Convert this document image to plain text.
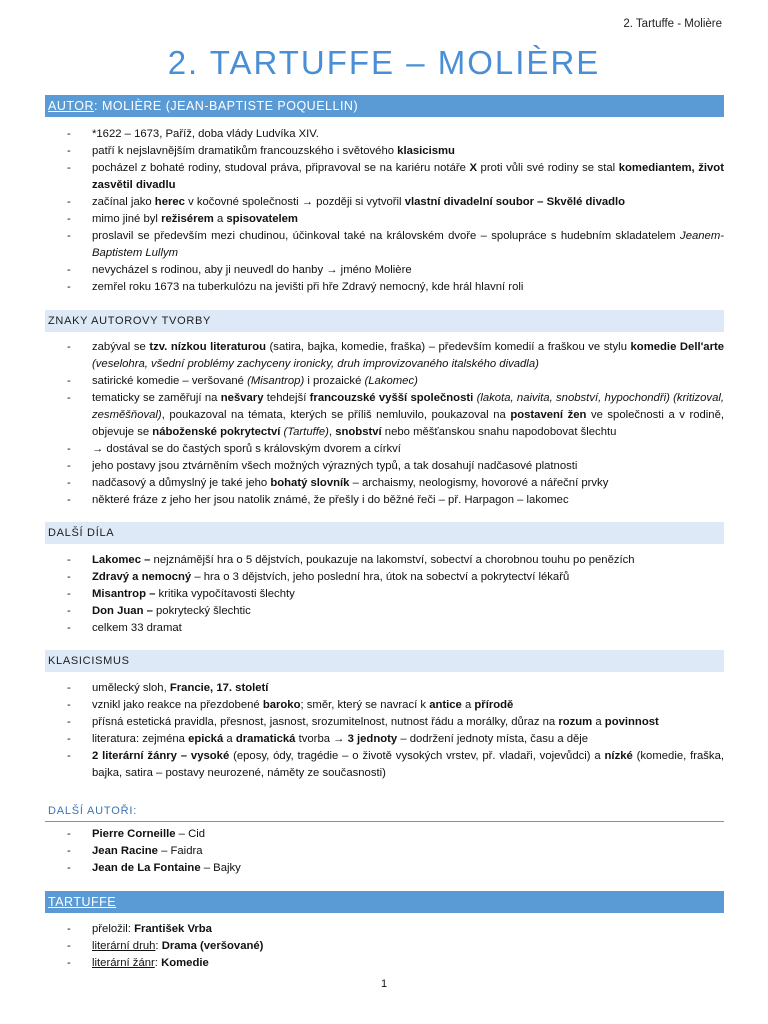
2. Tartuffe - Molière
2. TARTUFFE – MOLIÈRE
AUTOR: MOLIÈRE (JEAN-BAPTISTE POQUELLIN)
- *1622 – 1673, Paříž, doba vlády Ludvíka XIV.
- patří k nejslavnějším dramatikům francouzského i světového klasicismu
- pocházel z bohaté rodiny, studoval práva, připravoval se na kariéru notáře X proti vůli své rodiny se stal komediantem, život zasvětil divadlu
- začínal jako herec v kočovné společnosti → později si vytvořil vlastní divadelní soubor – Skvělé divadlo
- mimo jiné byl režisérem a spisovatelem
- proslavil se především mezi chudinou, účinkoval také na královském dvoře – spolupráce s hudebním skladatelem Jeanem-Baptistem Lullym
- nevycházel s rodinou, aby ji neuvedl do hanby → jméno Molière
- zemřel roku 1673 na tuberkulózu na jevišti při hře Zdravý nemocný, kde hrál hlavní roli
ZNAKY AUTOROVY TVORBY
- zabýval se tzv. nízkou literaturou (satira, bajka, komedie, fraška) – především komedií a fraškou ve stylu komedie Dell'arte (veselohra, všední problémy zachyceny ironicky, druh improvizovaného italského divadla)
- satirické komedie – veršované (Misantrop) i prozaické (Lakomec)
- tematicky se zaměřují na nešvary tehdejší francouzské vyšší společnosti (lakota, naivita, snobství, hypochondři) (kritizoval, zesměšňoval), poukazoval na témata, kterých se příliš nemluvilo, poukazoval na postavení žen ve společnosti a v rodině, objevuje se náboženské pokrytectví (Tartuffe), snobství nebo měšťanskou snahu napodobovat šlechtu
- → dostával se do častých sporů s královským dvorem a církví
- jeho postavy jsou ztvárněním všech možných výrazných typů, a tak dosahují nadčasové platnosti
- nadčasový a důmyslný je také jeho bohatý slovník – archaismy, neologismy, hovorové a nářeční prvky
- některé fráze z jeho her jsou natolik známé, že přešly i do běžné řeči – př. Harpagon – lakomec
DALŠÍ DÍLA
- Lakomec – nejznámější hra o 5 dějstvích, poukazuje na lakomství, sobectví a chorobnou touhu po penězích
- Zdravý a nemocný – hra o 3 dějstvích, jeho poslední hra, útok na sobectví a pokrytectví lékařů
- Misantrop – kritika vypočítavosti šlechty
- Don Juan – pokrytecký šlechtic
- celkem 33 dramat
KLASICISMUS
- umělecký sloh, Francie, 17. století
- vznikl jako reakce na přezdobené baroko; směr, který se navrací k antice a přírodě
- přísná estetická pravidla, přesnost, jasnost, srozumitelnost, nutnost řádu a morálky, důraz na rozum a povinnost
- literatura: zejména epická a dramatická tvorba → 3 jednoty – dodržení jednoty místa, času a děje
- 2 literární žánry – vysoké (eposy, ódy, tragédie – o životě vysokých vrstev, př. vladaři, vojevůdci) a nízké (komedie, fraška, bajka, satira – postavy neurozené, náměty ze současnosti)
DALŠÍ AUTOŘI:
- Pierre Corneille – Cid
- Jean Racine – Faidra
- Jean de La Fontaine – Bajky
TARTUFFE
- přeložil: František Vrba
- literární druh: Drama (veršované)
- literární žánr: Komedie
1
